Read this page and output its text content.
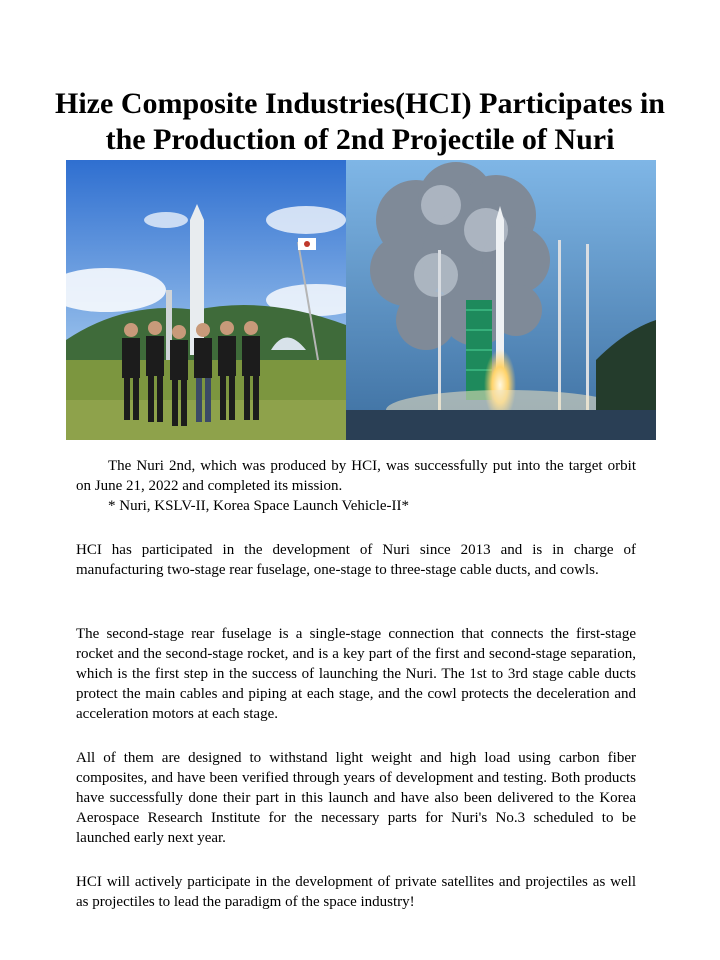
Hize Composite Industries(HCI) Participates in
the Production of 2nd Projectile of Nuri
The Nuri 2nd, which was produced by HCI, was successfully put into the target orbit on June 21, 2022 and completed its mission.
* Nuri, KSLV-II, Korea Space Launch Vehicle-II*
HCI has participated in the development of Nuri since 2013 and is in charge of manufacturing two-stage rear fuselage, one-stage to three-stage cable ducts, and cowls.
The second-stage rear fuselage is a single-stage connection that connects the first-stage rocket and the second-stage rocket, and is a key part of the first and second-stage separation, which is the first step in the success of launching the Nuri. The 1st to 3rd stage cable ducts protect the main cables and piping at each stage, and the cowl protects the deceleration and acceleration motors at each stage.
All of them are designed to withstand light weight and high load using carbon fiber composites, and have been verified through years of development and testing. Both products have successfully done their part in this launch and have also been delivered to the Korea Aerospace Research Institute for the necessary parts for Nuri's No.3 scheduled to be launched early next year.
HCI will actively participate in the development of private satellites and projectiles as well as projectiles to lead the paradigm of the space industry!
